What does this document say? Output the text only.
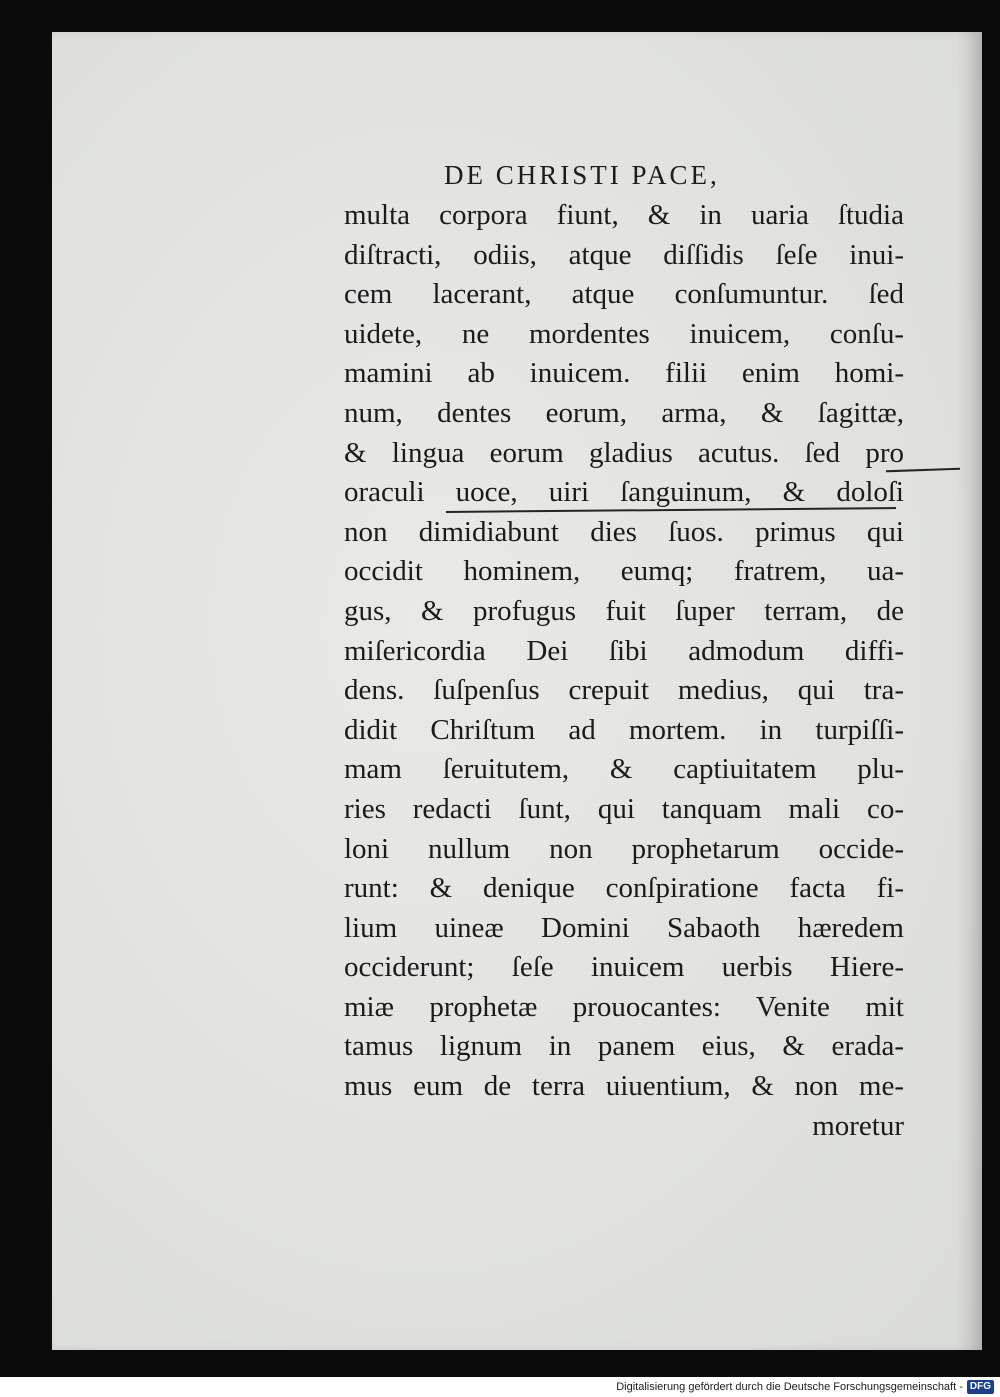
DE CHRISTI PACE,
multa corpora fiunt, & in uaria ſtudia
diſtracti, odiis, atque diſſidis ſeſe inui-
cem lacerant, atque conſumuntur. ſed
uidete, ne mordentes inuicem, conſu-
mamini ab inuicem. filii enim homi-
num, dentes eorum, arma, & ſagittæ,
& lingua eorum gladius acutus. ſed pro
oraculi uoce, uiri ſanguinum, & doloſi
non dimidiabunt dies ſuos. primus qui
occidit hominem, eumq; fratrem, ua-
gus, & profugus fuit ſuper terram, de
miſericordia Dei ſibi admodum diffi-
dens. ſuſpenſus crepuit medius, qui tra-
didit Chriſtum ad mortem. in turpiſſi-
mam ſeruitutem, & captiuitatem plu-
ries redacti ſunt, qui tanquam mali co-
loni nullum non prophetarum occide-
runt: & denique conſpiratione facta fi-
lium uineæ Domini Sabaoth hæredem
occiderunt; ſeſe inuicem uerbis Hiere-
miæ prophetæ prouocantes: Venite mit
tamus lignum in panem eius, & erada-
mus eum de terra uiuentium, & non me-
moretur
Digitalisierung gefördert durch die Deutsche Forschungsgemeinschaft - DFG
